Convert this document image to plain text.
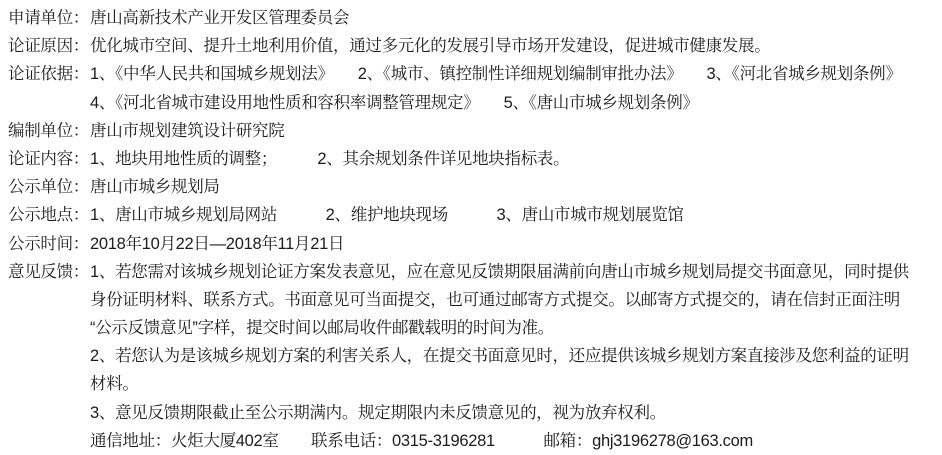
申请单位： 唐山高新技术产业开发区管理委员会
论证原因： 优化城市空间、提升土地利用价值，通过多元化的发展引导市场开发建设，促进城市健康发展。
论证依据： 1、《中华人民共和国城乡规划法》　　2、《城市、镇控制性详细规划编制审批办法》　　3、《河北省城乡规划条例》
4、《河北省城市建设用地性质和容积率调整管理规定》　　5、《唐山市城乡规划条例》
编制单位： 唐山市规划建筑设计研究院
论证内容： 1、地块用地性质的调整；　　　2、其余规划条件详见地块指标表。
公示单位： 唐山市城乡规划局
公示地点： 1、唐山市城乡规划局网站　　　2、维护地块现场　　　3、唐山市城市规划展览馆
公示时间： 2018年10月22日—2018年11月21日
意见反馈： 1、若您需对该城乡规划论证方案发表意见，应在意见反馈期限届满前向唐山市城乡规划局提交书面意见，同时提供
身份证明材料、联系方式。书面意见可当面提交，也可通过邮寄方式提交。以邮寄方式提交的，请在信封正面注明
“公示反馈意见”字样，提交时间以邮局收件邮戳载明的时间为准。
2、若您认为是该城乡规划方案的利害关系人，在提交书面意见时，还应提供该城乡规划方案直接涉及您利益的证明
材料。
3、意见反馈期限截止至公示期满内。规定期限内未反馈意见的，视为放弃权利。
通信地址：火炬大厦402室　　联系电话：0315-3196281　　　邮箱：ghj3196278@163.com
